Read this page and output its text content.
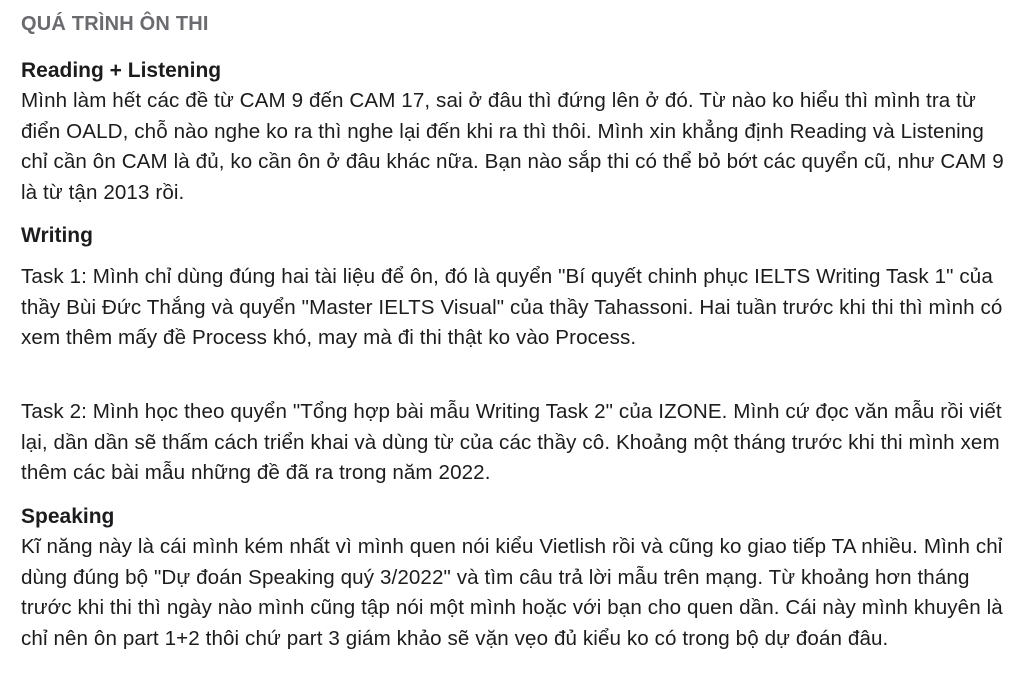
QUÁ TRÌNH ÔN THI
Reading + Listening

Mình làm hết các đề từ CAM 9 đến CAM 17, sai ở đâu thì đứng lên ở đó. Từ nào ko hiểu thì mình tra từ điển OALD, chỗ nào nghe ko ra thì nghe lại đến khi ra thì thôi. Mình xin khẳng định Reading và Listening chỉ cần ôn CAM là đủ, ko cần ôn ở đâu khác nữa. Bạn nào sắp thi có thể bỏ bớt các quyển cũ, như CAM 9 là từ tận 2013 rồi.

Writing

Task 1: Mình chỉ dùng đúng hai tài liệu để ôn, đó là quyển "Bí quyết chinh phục IELTS Writing Task 1" của thầy Bùi Đức Thắng và quyển "Master IELTS Visual" của thầy Tahassoni. Hai tuần trước khi thi thì mình có xem thêm mấy đề Process khó, may mà đi thi thật ko vào Process.

Task 2: Mình học theo quyển "Tổng hợp bài mẫu Writing Task 2" của IZONE. Mình cứ đọc văn mẫu rồi viết lại, dần dần sẽ thấm cách triển khai và dùng từ của các thầy cô. Khoảng một tháng trước khi thi mình xem thêm các bài mẫu những đề đã ra trong năm 2022.

Speaking

Kĩ năng này là cái mình kém nhất vì mình quen nói kiểu Vietlish rồi và cũng ko giao tiếp TA nhiều. Mình chỉ dùng đúng bộ "Dự đoán Speaking quý 3/2022" và tìm câu trả lời mẫu trên mạng. Từ khoảng hơn tháng trước khi thi thì ngày nào mình cũng tập nói một mình hoặc với bạn cho quen dần. Cái này mình khuyên là chỉ nên ôn part 1+2 thôi chứ part 3 giám khảo sẽ vặn vẹo đủ kiểu ko có trong bộ dự đoán đâu.
